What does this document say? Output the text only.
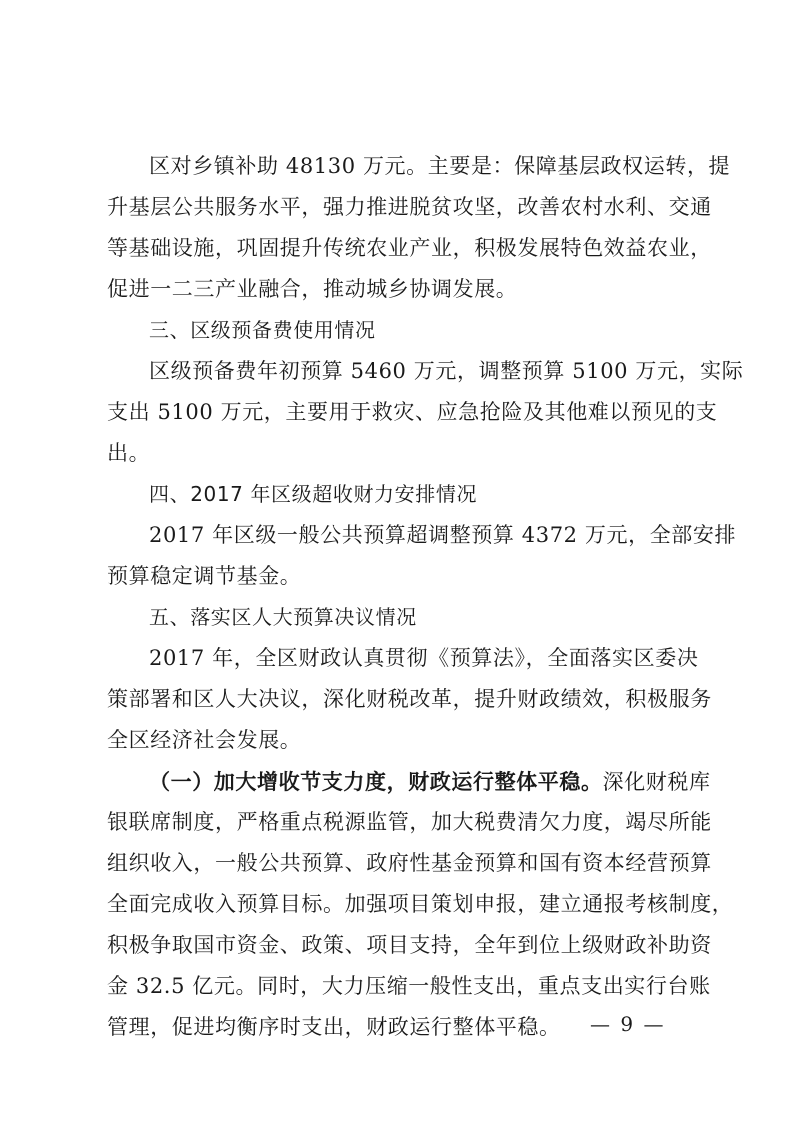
区对乡镇补助 48130 万元。主要是：保障基层政权运转，提
升基层公共服务水平，强力推进脱贫攻坚，改善农村水利、交通
等基础设施，巩固提升传统农业产业，积极发展特色效益农业，
促进一二三产业融合，推动城乡协调发展。
三、区级预备费使用情况
区级预备费年初预算 5460 万元，调整预算 5100 万元，实际
支出 5100 万元，主要用于救灾、应急抢险及其他难以预见的支
出。
四、2017 年区级超收财力安排情况
2017 年区级一般公共预算超调整预算 4372 万元，全部安排
预算稳定调节基金。
五、落实区人大预算决议情况
2017 年，全区财政认真贯彻《预算法》，全面落实区委决
策部署和区人大决议，深化财税改革，提升财政绩效，积极服务
全区经济社会发展。
（一）加大增收节支力度，财政运行整体平稳。深化财税库
银联席制度，严格重点税源监管，加大税费清欠力度，竭尽所能
组织收入，一般公共预算、政府性基金预算和国有资本经营预算
全面完成收入预算目标。加强项目策划申报，建立通报考核制度，
积极争取国市资金、政策、项目支持，全年到位上级财政补助资
金 32.5 亿元。同时，大力压缩一般性支出，重点支出实行台账
管理，促进均衡序时支出，财政运行整体平稳。	— 9 —
